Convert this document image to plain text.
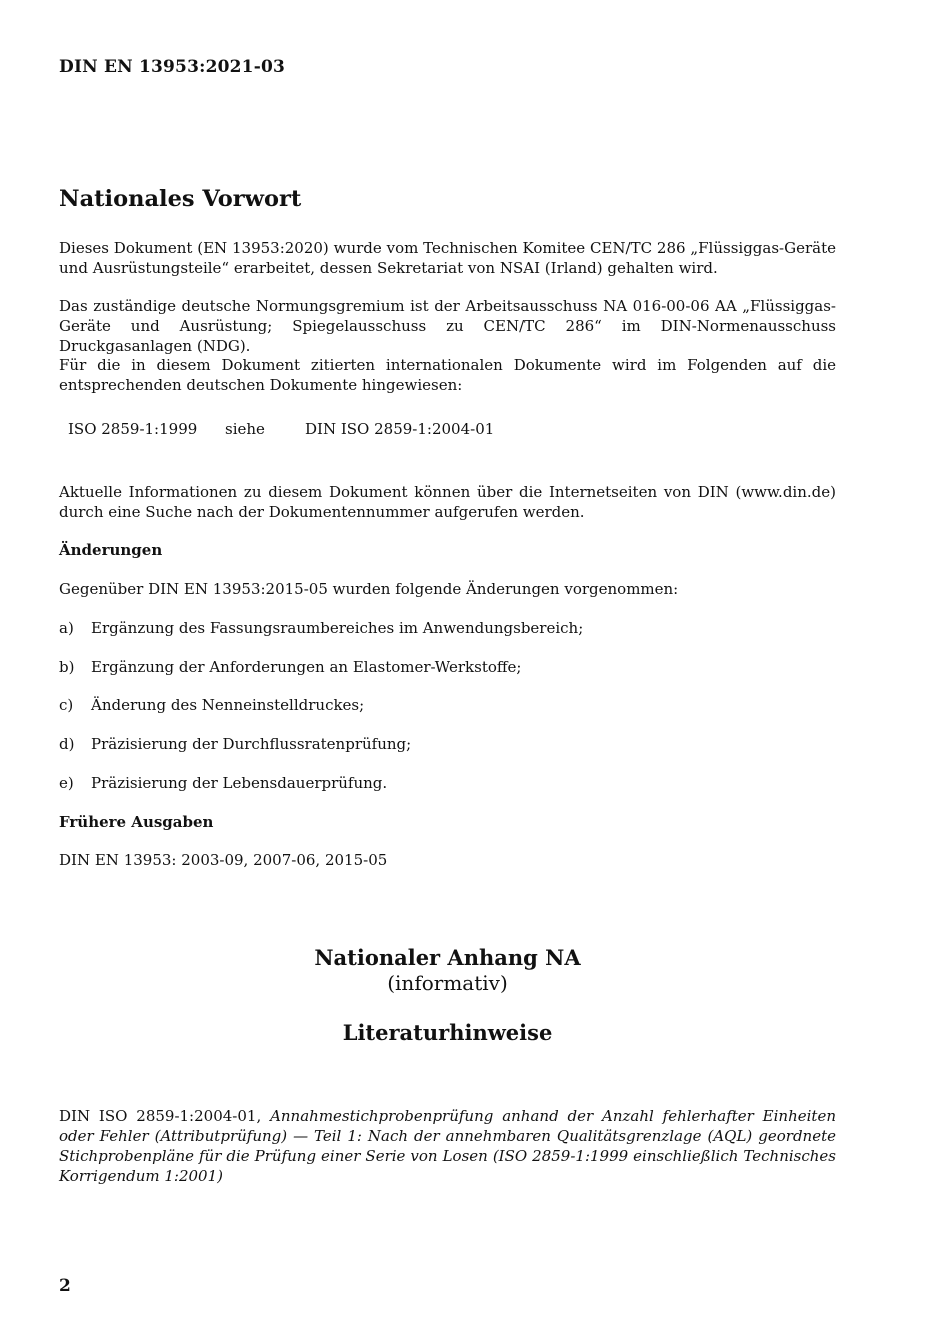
DIN EN 13953:2021-03
Nationales Vorwort
Dieses Dokument (EN 13953:2020) wurde vom Technischen Komitee CEN/TC 286 „Flüssiggas-Geräte und Ausrüstungsteile“ erarbeitet, dessen Sekretariat von NSAI (Irland) gehalten wird.
Das zuständige deutsche Normungsgremium ist der Arbeitsausschuss NA 016-00-06 AA „Flüssiggas-Geräte und Ausrüstung; Spiegelausschuss zu CEN/TC 286“ im DIN-Normenausschuss Druckgasanlagen (NDG).
Für die in diesem Dokument zitierten internationalen Dokumente wird im Folgenden auf die entsprechenden deutschen Dokumente hingewiesen:
ISO 2859-1:1999 siehe	DIN ISO 2859-1:2004-01
Aktuelle Informationen zu diesem Dokument können über die Internetseiten von DIN (www.din.de) durch eine Suche nach der Dokumentennummer aufgerufen werden.
Änderungen
Gegenüber DIN EN 13953:2015-05 wurden folgende Änderungen vorgenommen:
a) Ergänzung des Fassungsraumbereiches im Anwendungsbereich;
b) Ergänzung der Anforderungen an Elastomer-Werkstoffe;
c) Änderung des Nenneinstelldruckes;
d) Präzisierung der Durchflussratenprüfung;
e) Präzisierung der Lebensdauerprüfung.
Frühere Ausgaben
DIN EN 13953: 2003-09, 2007-06, 2015-05
Nationaler Anhang NA
(informativ)
Literaturhinweise
DIN ISO 2859-1:2004-01, Annahmestichprobenprüfung anhand der Anzahl fehlerhafter Einheiten oder Fehler (Attributprüfung) — Teil 1: Nach der annehmbaren Qualitätsgrenzlage (AQL) geordnete Stichprobenpläne für die Prüfung einer Serie von Losen (ISO 2859-1:1999 einschließlich Technisches Korrigendum 1:2001)
2
